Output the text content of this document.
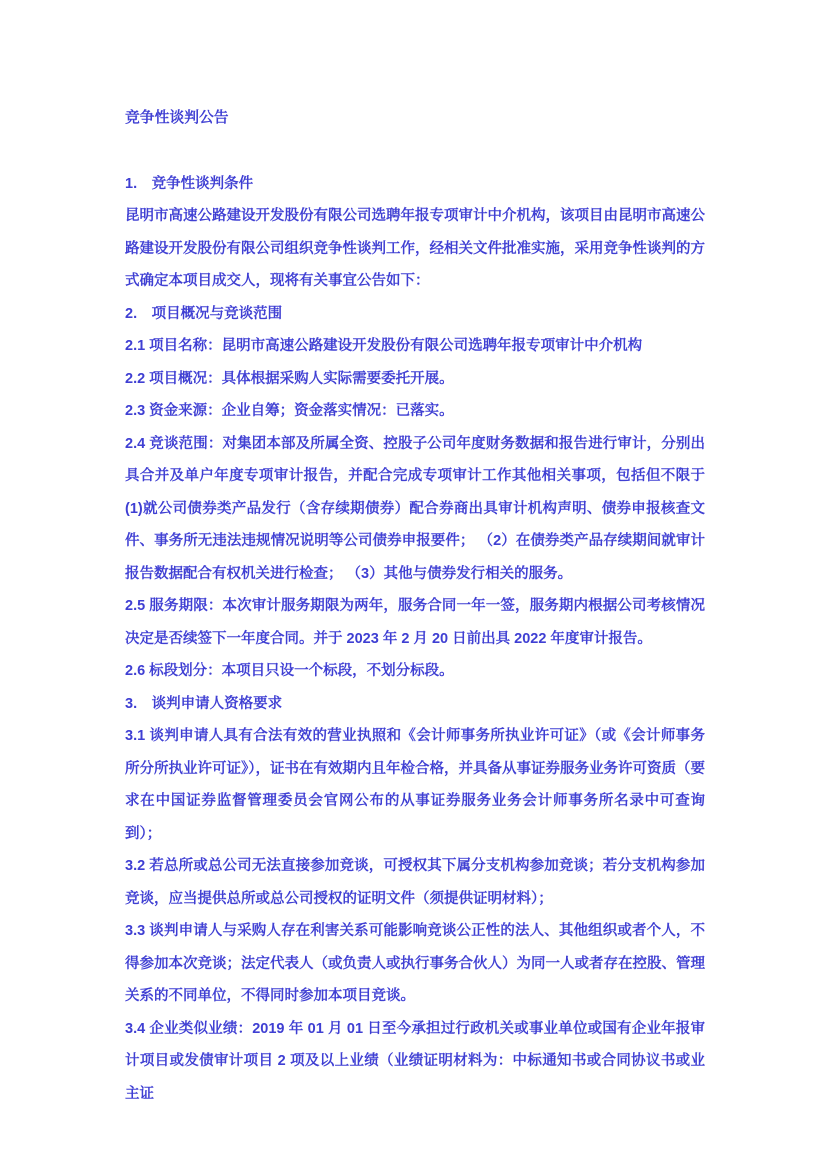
竞争性谈判公告

1.　竞争性谈判条件

昆明市高速公路建设开发股份有限公司选聘年报专项审计中介机构，该项目由昆明市高速公路建设开发股份有限公司组织竞争性谈判工作，经相关文件批准实施，采用竞争性谈判的方式确定本项目成交人，现将有关事宜公告如下：

2.　项目概况与竞谈范围

2.1 项目名称：昆明市高速公路建设开发股份有限公司选聘年报专项审计中介机构

2.2 项目概况：具体根据采购人实际需要委托开展。

2.3 资金来源：企业自筹；资金落实情况：已落实。

2.4 竞谈范围：对集团本部及所属全资、控股子公司年度财务数据和报告进行审计，分别出具合并及单户年度专项审计报告，并配合完成专项审计工作其他相关事项，包括但不限于(1)就公司债券类产品发行（含存续期债券）配合券商出具审计机构声明、债券申报核查文件、事务所无违法违规情况说明等公司债券申报要件； （2）在债券类产品存续期间就审计报告数据配合有权机关进行检查； （3）其他与债券发行相关的服务。

2.5 服务期限：本次审计服务期限为两年，服务合同一年一签，服务期内根据公司考核情况决定是否续签下一年度合同。并于 2023 年 2 月 20 日前出具 2022 年度审计报告。

2.6 标段划分：本项目只设一个标段，不划分标段。

3.　谈判申请人资格要求

3.1 谈判申请人具有合法有效的营业执照和《会计师事务所执业许可证》（或《会计师事务所分所执业许可证》），证书在有效期内且年检合格，并具备从事证券服务业务许可资质（要求在中国证券监督管理委员会官网公布的从事证券服务业务会计师事务所名录中可查询到）；

3.2 若总所或总公司无法直接参加竞谈，可授权其下属分支机构参加竞谈；若分支机构参加竞谈，应当提供总所或总公司授权的证明文件（须提供证明材料）；

3.3 谈判申请人与采购人存在利害关系可能影响竞谈公正性的法人、其他组织或者个人，不得参加本次竞谈；法定代表人（或负责人或执行事务合伙人）为同一人或者存在控股、管理关系的不同单位，不得同时参加本项目竞谈。

3.4 企业类似业绩：2019 年 01 月 01 日至今承担过行政机关或事业单位或国有企业年报审计项目或发债审计项目 2 项及以上业绩（业绩证明材料为：中标通知书或合同协议书或业主证
